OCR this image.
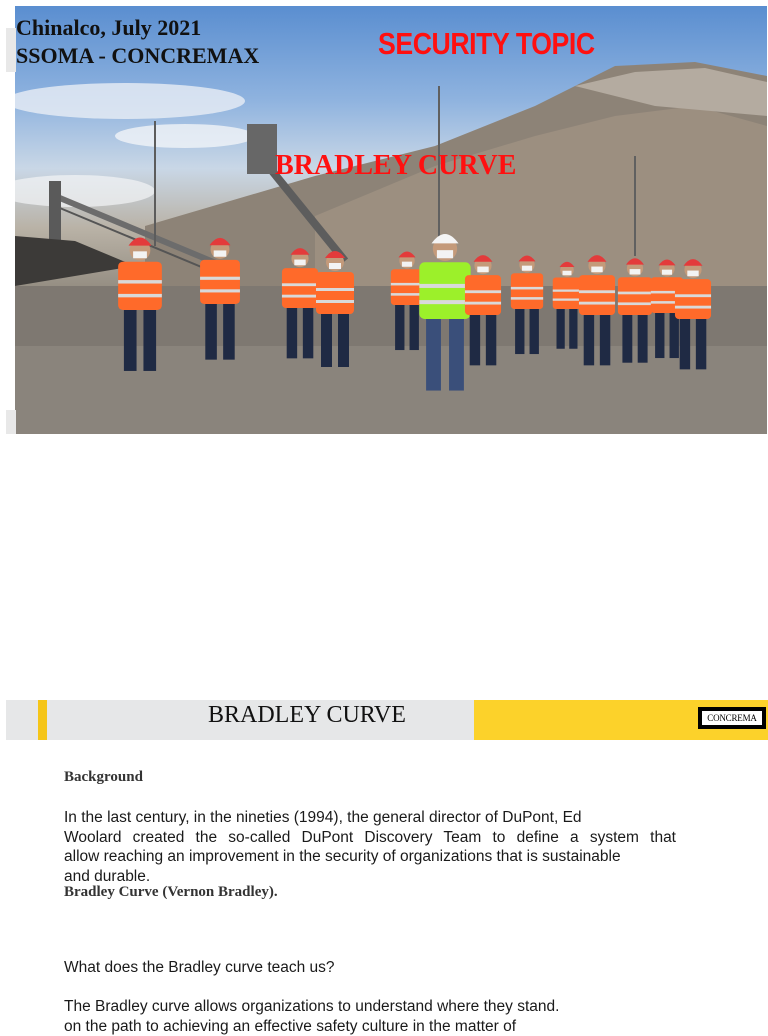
Chinalco, July 2021
SSOMA - CONCREMAX	SECURITY TOPIC
BRADLEY CURVE
BRADLEY CURVE	CONCREMA
Background
In the last century, in the nineties (1994), the general director of DuPont, Ed
Woolard created the so-called DuPont Discovery Team to define a system that
allow reaching an improvement in the security of organizations that is sustainable
and durable.
Bradley Curve (Vernon Bradley).
What does the Bradley curve teach us?
The Bradley curve allows organizations to understand where they stand.
on the path to achieving an effective safety culture in the matter of
